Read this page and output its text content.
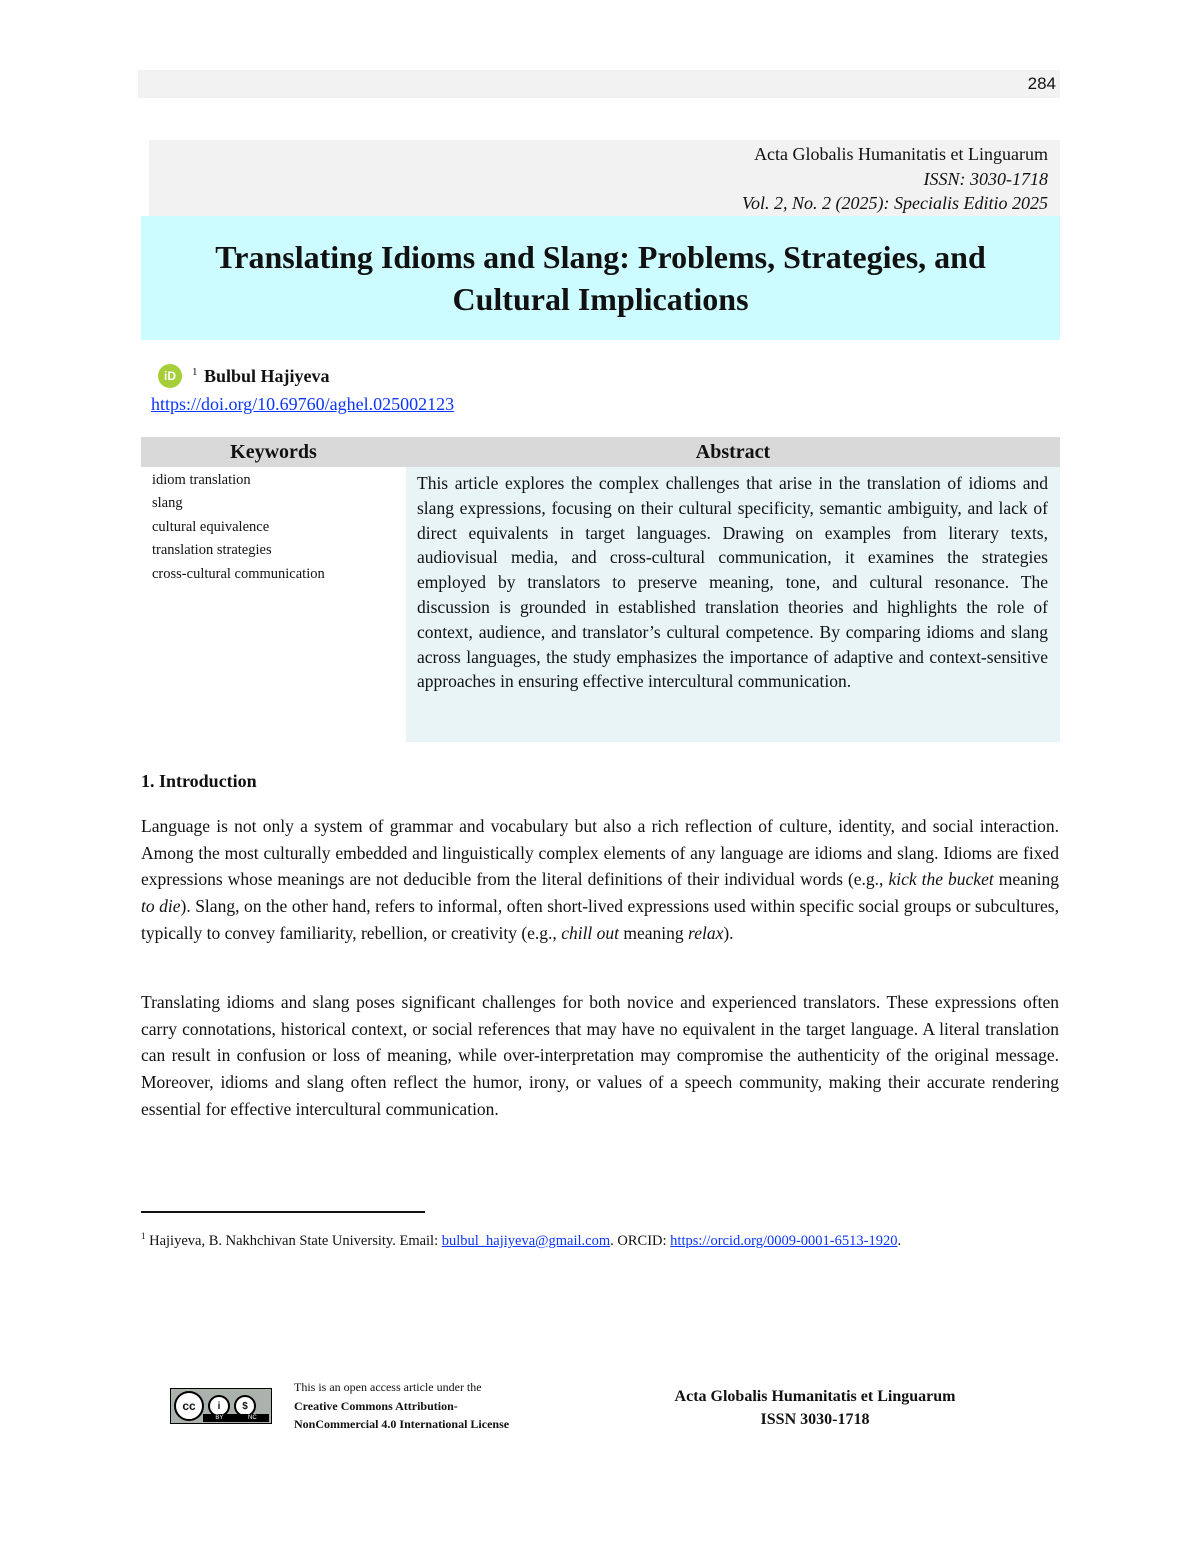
284
Acta Globalis Humanitatis et Linguarum
ISSN: 3030-1718
Vol. 2, No. 2 (2025): Specialis Editio 2025
Translating Idioms and Slang: Problems, Strategies, and
Cultural Implications
iD	$^1$ Bulbul Hajiyeva
https://doi.org/10.69760/aghel.025002123
Keywords	Abstract
idiom translation
slang
cultural equivalence
translation strategies
cross-cultural communication

This article explores the complex challenges that arise in the translation of idioms and slang expressions, focusing on their cultural specificity, semantic ambiguity, and lack of direct equivalents in target languages. Drawing on examples from literary texts, audiovisual media, and cross-cultural communication, it examines the strategies employed by translators to preserve meaning, tone, and cultural resonance. The discussion is grounded in established translation theories and highlights the role of context, audience, and translator’s cultural competence. By comparing idioms and slang across languages, the study emphasizes the importance of adaptive and context-sensitive approaches in ensuring effective intercultural communication.

1. Introduction

Language is not only a system of grammar and vocabulary but also a rich reflection of culture, identity, and social interaction. Among the most culturally embedded and linguistically complex elements of any language are idioms and slang. Idioms are fixed expressions whose meanings are not deducible from the literal definitions of their individual words (e.g., kick the bucket meaning to die). Slang, on the other hand, refers to informal, often short-lived expressions used within specific social groups or subcultures, typically to convey familiarity, rebellion, or creativity (e.g., chill out meaning relax).

Translating idioms and slang poses significant challenges for both novice and experienced translators. These expressions often carry connotations, historical context, or social references that may have no equivalent in the target language. A literal translation can result in confusion or loss of meaning, while over-interpretation may compromise the authenticity of the original message. Moreover, idioms and slang often reflect the humor, irony, or values of a speech community, making their accurate rendering essential for effective intercultural communication.

$^1$ Hajiyeva, B. Nakhchivan State University. Email: bulbul_hajiyeva@gmail.com. ORCID: https://orcid.org/0009-0001-6513-1920.
cc	i	$
BY	NC
This is an open access article under the
Creative Commons Attribution-
NonCommercial 4.0 International License
Acta Globalis Humanitatis et Linguarum
ISSN 3030-1718
